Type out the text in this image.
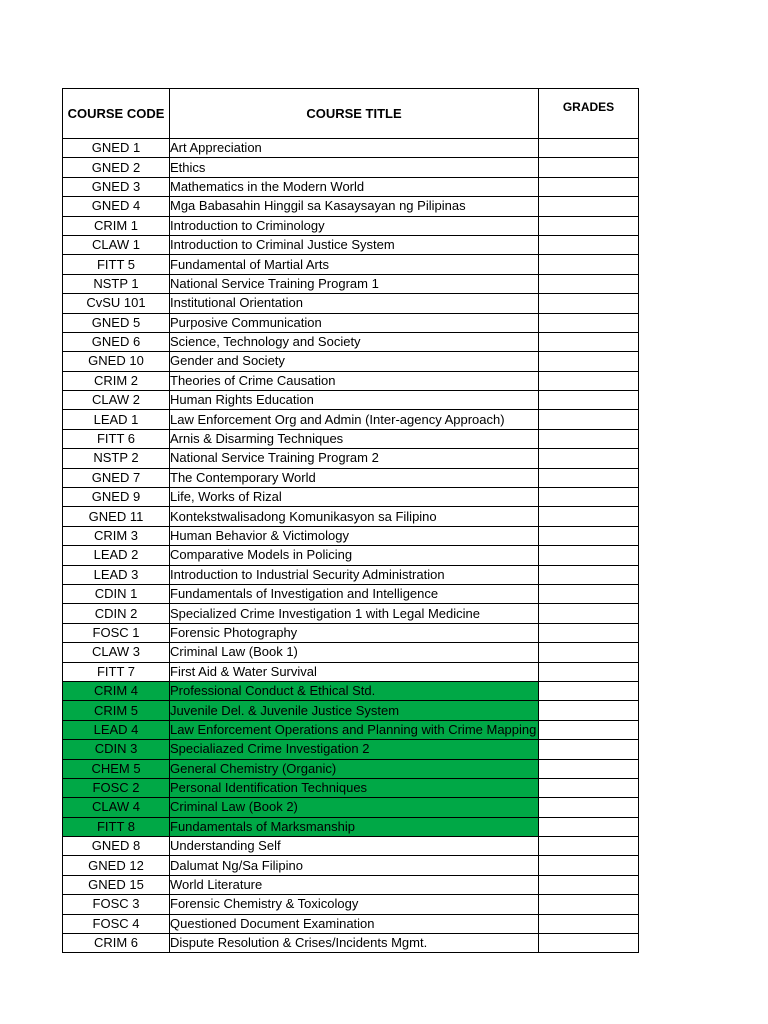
COURSE CODE	COURSE TITLE	GRADES
GNED 1	Art Appreciation	
GNED 2	Ethics	
GNED 3	Mathematics in the Modern World	
GNED 4	Mga Babasahin Hinggil sa Kasaysayan ng Pilipinas	
CRIM 1	Introduction to Criminology	
CLAW 1	Introduction to Criminal Justice System	
FITT 5	Fundamental of Martial Arts	
NSTP 1	National Service Training Program 1	
CvSU 101	Institutional Orientation	
GNED 5	Purposive Communication	
GNED 6	Science, Technology and Society	
GNED 10	Gender and Society	
CRIM 2	Theories of Crime Causation	
CLAW 2	Human Rights Education	
LEAD 1	Law Enforcement Org and Admin (Inter-agency Approach)	
FITT 6	Arnis & Disarming Techniques	
NSTP 2	National Service Training Program 2	
GNED 7	The Contemporary World	
GNED 9	Life, Works of Rizal	
GNED 11	Kontekstwalisadong Komunikasyon sa Filipino	
CRIM 3	Human Behavior & Victimology	
LEAD 2	Comparative Models in Policing	
LEAD 3	Introduction to Industrial Security Administration	
CDIN 1	Fundamentals of Investigation and Intelligence	
CDIN 2	Specialized Crime Investigation 1 with Legal Medicine	
FOSC 1	Forensic Photography	
CLAW 3	Criminal Law (Book 1)	
FITT 7	First Aid & Water Survival	
CRIM 4	Professional Conduct & Ethical Std.	
CRIM 5	Juvenile Del. & Juvenile Justice System	
LEAD 4	Law Enforcement Operations and Planning with Crime Mapping	
CDIN 3	Specialiazed Crime Investigation 2	
CHEM 5	General Chemistry (Organic)	
FOSC 2	Personal Identification Techniques	
CLAW 4	Criminal Law (Book 2)	
FITT 8	Fundamentals of Marksmanship	
GNED 8	Understanding Self	
GNED 12	Dalumat Ng/Sa Filipino	
GNED 15	World Literature	
FOSC 3	Forensic Chemistry & Toxicology	
FOSC 4	Questioned Document Examination	
CRIM 6	Dispute Resolution & Crises/Incidents Mgmt.	
